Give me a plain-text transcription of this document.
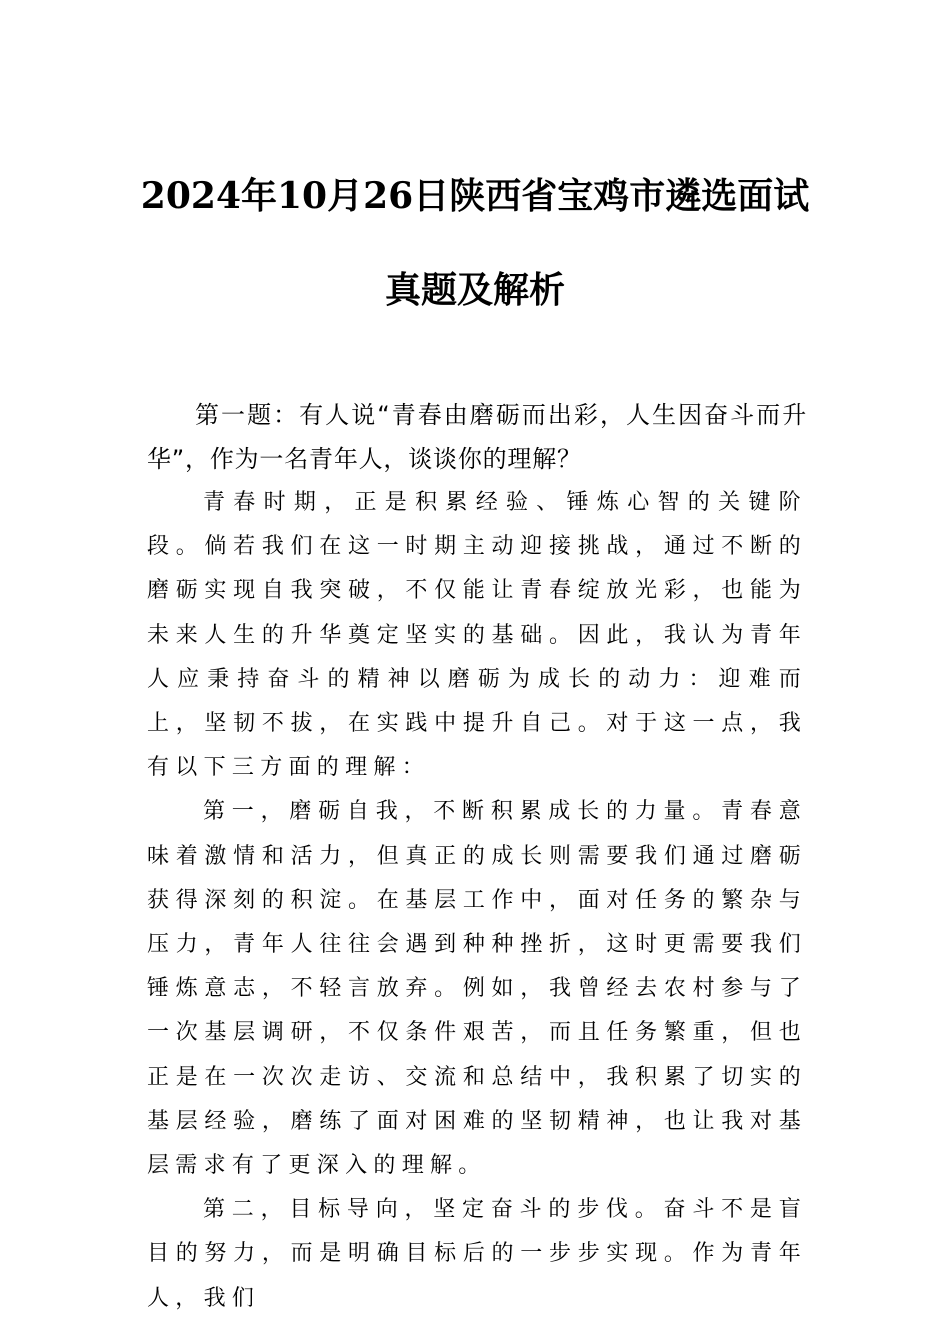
2024年10月26日陕西省宝鸡市遴选面试
真题及解析

第一题：有人说“青春由磨砺而出彩，人生因奋斗而升华”，作为一名青年人，谈谈你的理解？

青春时期，正是积累经验、锤炼心智的关键阶段。倘若我们在这一时期主动迎接挑战，通过不断的磨砺实现自我突破，不仅能让青春绽放光彩，也能为未来人生的升华奠定坚实的基础。因此，我认为青年人应秉持奋斗的精神以磨砺为成长的动力：迎难而上，坚韧不拔，在实践中提升自己。对于这一点，我有以下三方面的理解：

第一，磨砺自我，不断积累成长的力量。青春意味着激情和活力，但真正的成长则需要我们通过磨砺获得深刻的积淀。在基层工作中，面对任务的繁杂与压力，青年人往往会遇到种种挫折，这时更需要我们锤炼意志，不轻言放弃。例如，我曾经去农村参与了一次基层调研，不仅条件艰苦，而且任务繁重，但也正是在一次次走访、交流和总结中，我积累了切实的基层经验，磨练了面对困难的坚韧精神，也让我对基层需求有了更深入的理解。

第二，目标导向，坚定奋斗的步伐。奋斗不是盲目的努力，而是明确目标后的一步步实现。作为青年人，我们
